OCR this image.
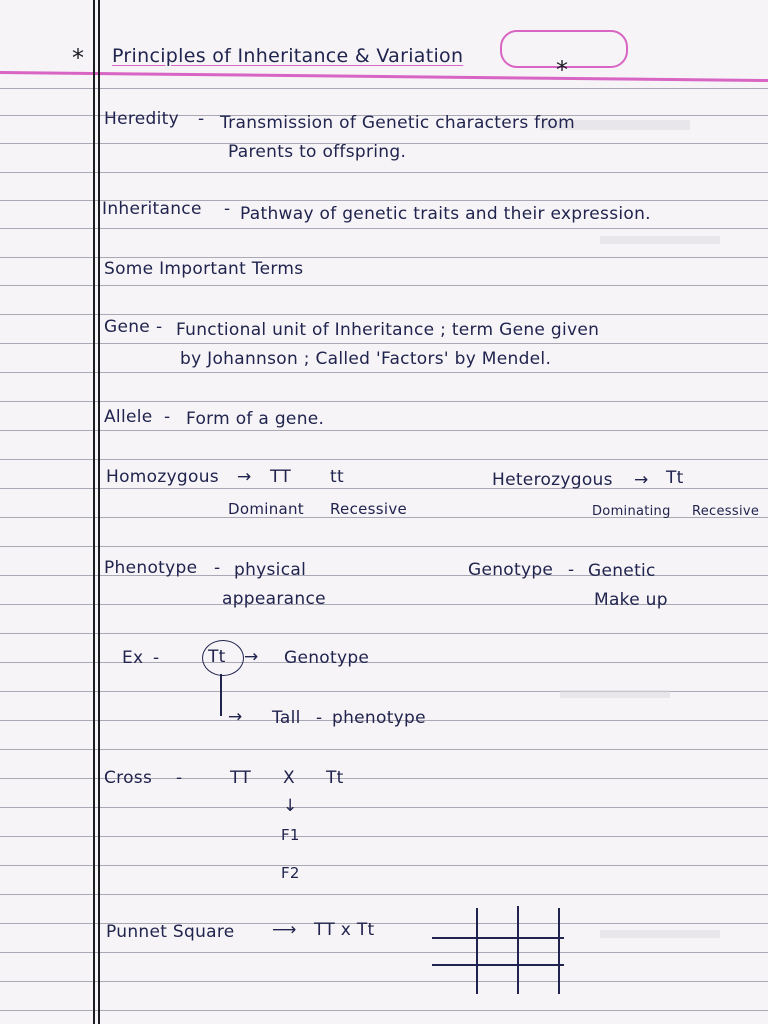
* Principles of Inheritance & Variation	*
Heredity - Transmission of Genetic characters from
Parents to offspring.
Inheritance - Pathway of genetic traits and their expression.
Some Important Terms
Gene - Functional unit of Inheritance ; term Gene given
by Johannson ; Called 'Factors' by Mendel.
Allele - Form of a gene.
Homozygous → TT tt
Dominant Recessive
Heterozygous → Tt
Dominating Recessive
Phenotype - physical
appearance
Genotype - Genetic
Make up
Ex -	Tt → Genotype
→ Tall - phenotype
Cross -	TT X Tt
↓
F1
F2
Punnet Square ⟶ TT x Tt
